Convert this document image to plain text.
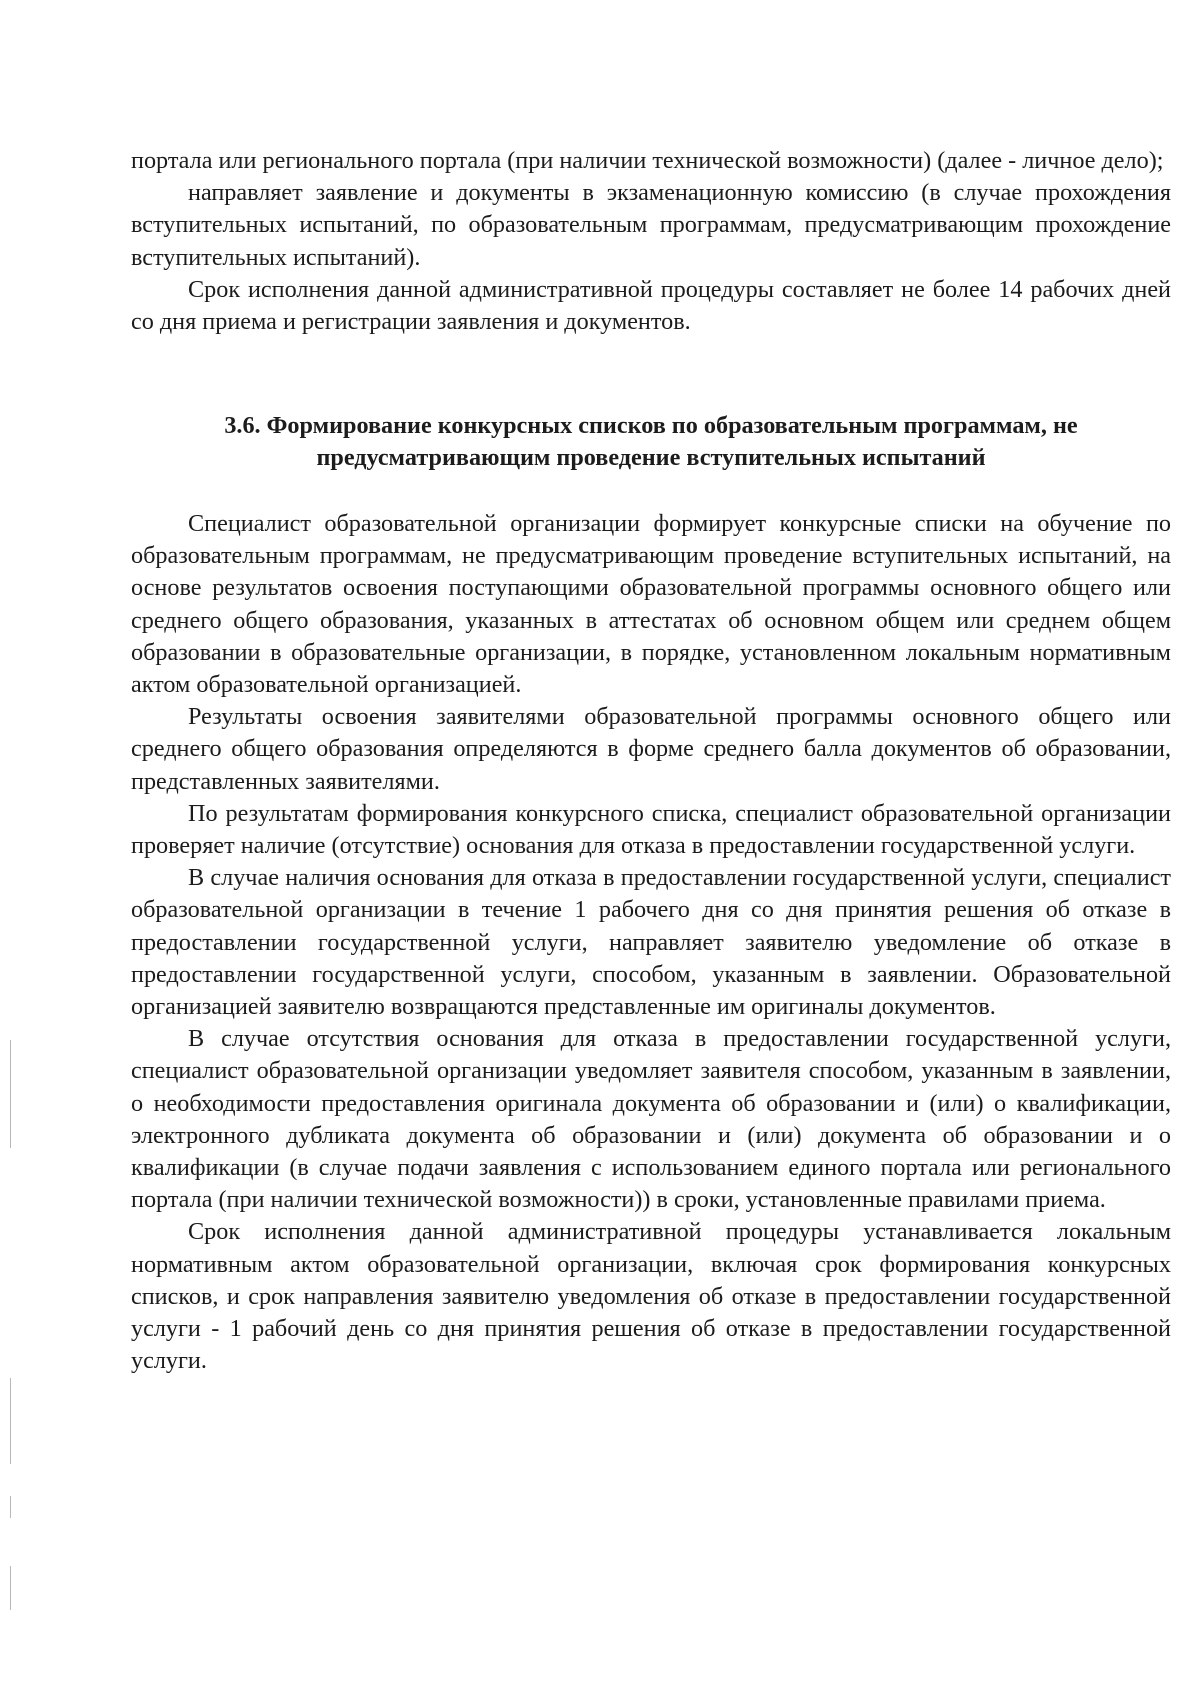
портала или регионального портала (при наличии технической возможности) (далее - личное дело);

направляет заявление и документы в экзаменационную комиссию (в случае прохождения вступительных испытаний, по образовательным программам, предусматривающим прохождение вступительных испытаний).

Срок исполнения данной административной процедуры составляет не более 14 рабочих дней со дня приема и регистрации заявления и документов.

3.6. Формирование конкурсных списков по образовательным программам, не
предусматривающим проведение вступительных испытаний

Специалист образовательной организации формирует конкурсные списки на обучение по образовательным программам, не предусматривающим проведение вступительных испытаний, на основе результатов освоения поступающими образовательной программы основного общего или среднего общего образования, указанных в аттестатах об основном общем или среднем общем образовании в образовательные организации, в порядке, установленном локальным нормативным актом образовательной организацией.

Результаты освоения заявителями образовательной программы основного общего или среднего общего образования определяются в форме среднего балла документов об образовании, представленных заявителями.

По результатам формирования конкурсного списка, специалист образовательной организации проверяет наличие (отсутствие) основания для отказа в предоставлении государственной услуги.

В случае наличия основания для отказа в предоставлении государственной услуги, специалист образовательной организации в течение 1 рабочего дня со дня принятия решения об отказе в предоставлении государственной услуги, направляет заявителю уведомление об отказе в предоставлении государственной услуги, способом, указанным в заявлении. Образовательной организацией заявителю возвращаются представленные им оригиналы документов.

В случае отсутствия основания для отказа в предоставлении государственной услуги, специалист образовательной организации уведомляет заявителя способом, указанным в заявлении, о необходимости предоставления оригинала документа об образовании и (или) о квалификации, электронного дубликата документа об образовании и (или) документа об образовании и о квалификации (в случае подачи заявления с использованием единого портала или регионального портала (при наличии технической возможности)) в сроки, установленные правилами приема.

Срок исполнения данной административной процедуры устанавливается локальным нормативным актом образовательной организации, включая срок формирования конкурсных списков, и срок направления заявителю уведомления об отказе в предоставлении государственной услуги - 1 рабочий день со дня принятия решения об отказе в предоставлении государственной услуги.
